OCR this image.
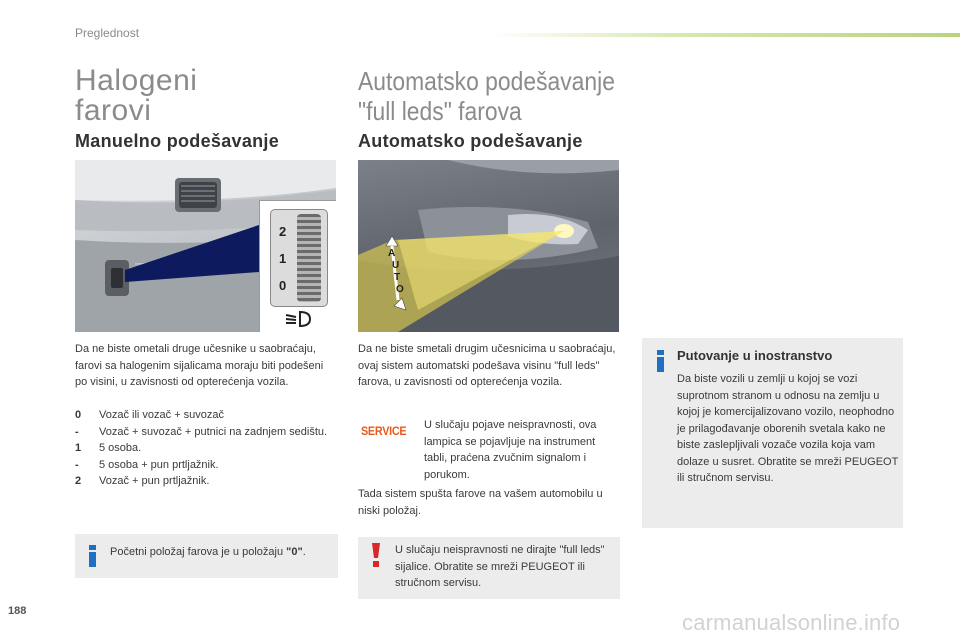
Preglednost
Halogeni
farovi
Manuelno podešavanje
Automatsko podešavanje
"full leds" farova
Automatsko podešavanje
2
1
0
A
U
T
O
Da ne biste ometali druge učesnike u saobraćaju, farovi sa halogenim sijalicama moraju biti podešeni po visini, u zavisnosti od opterećenja vozila.
0	Vozač ili vozač + suvozač
-	Vozač + suvozač + putnici na zadnjem sedištu.
1	5 osoba.
-	5 osoba + pun prtljažnik.
2	Vozač + pun prtljažnik.
Početni položaj farova je u položaju "0".
Da ne biste smetali drugim učesnicima u saobraćaju, ovaj sistem automatski podešava visinu "full leds" farova, u zavisnosti od opterećenja vozila.
SERVICE U slučaju pojave neispravnosti, ova lampica se pojavljuje na instrument tabli, praćena zvučnim signalom i porukom.
Tada sistem spušta farove na vašem automobilu u niski položaj.
U slučaju neispravnosti ne dirajte "full leds" sijalice. Obratite se mreži PEUGEOT ili stručnom servisu.
Putovanje u inostranstvo
Da biste vozili u zemlji u kojoj se vozi suprotnom stranom u odnosu na zemlju u kojoj je komercijalizovano vozilo, neophodno je prilagođavanje oborenih svetala kako ne biste zaslepljivali vozače vozila koja vam dolaze u susret. Obratite se mreži PEUGEOT ili stručnom servisu.
188	carmanualsonline.info
